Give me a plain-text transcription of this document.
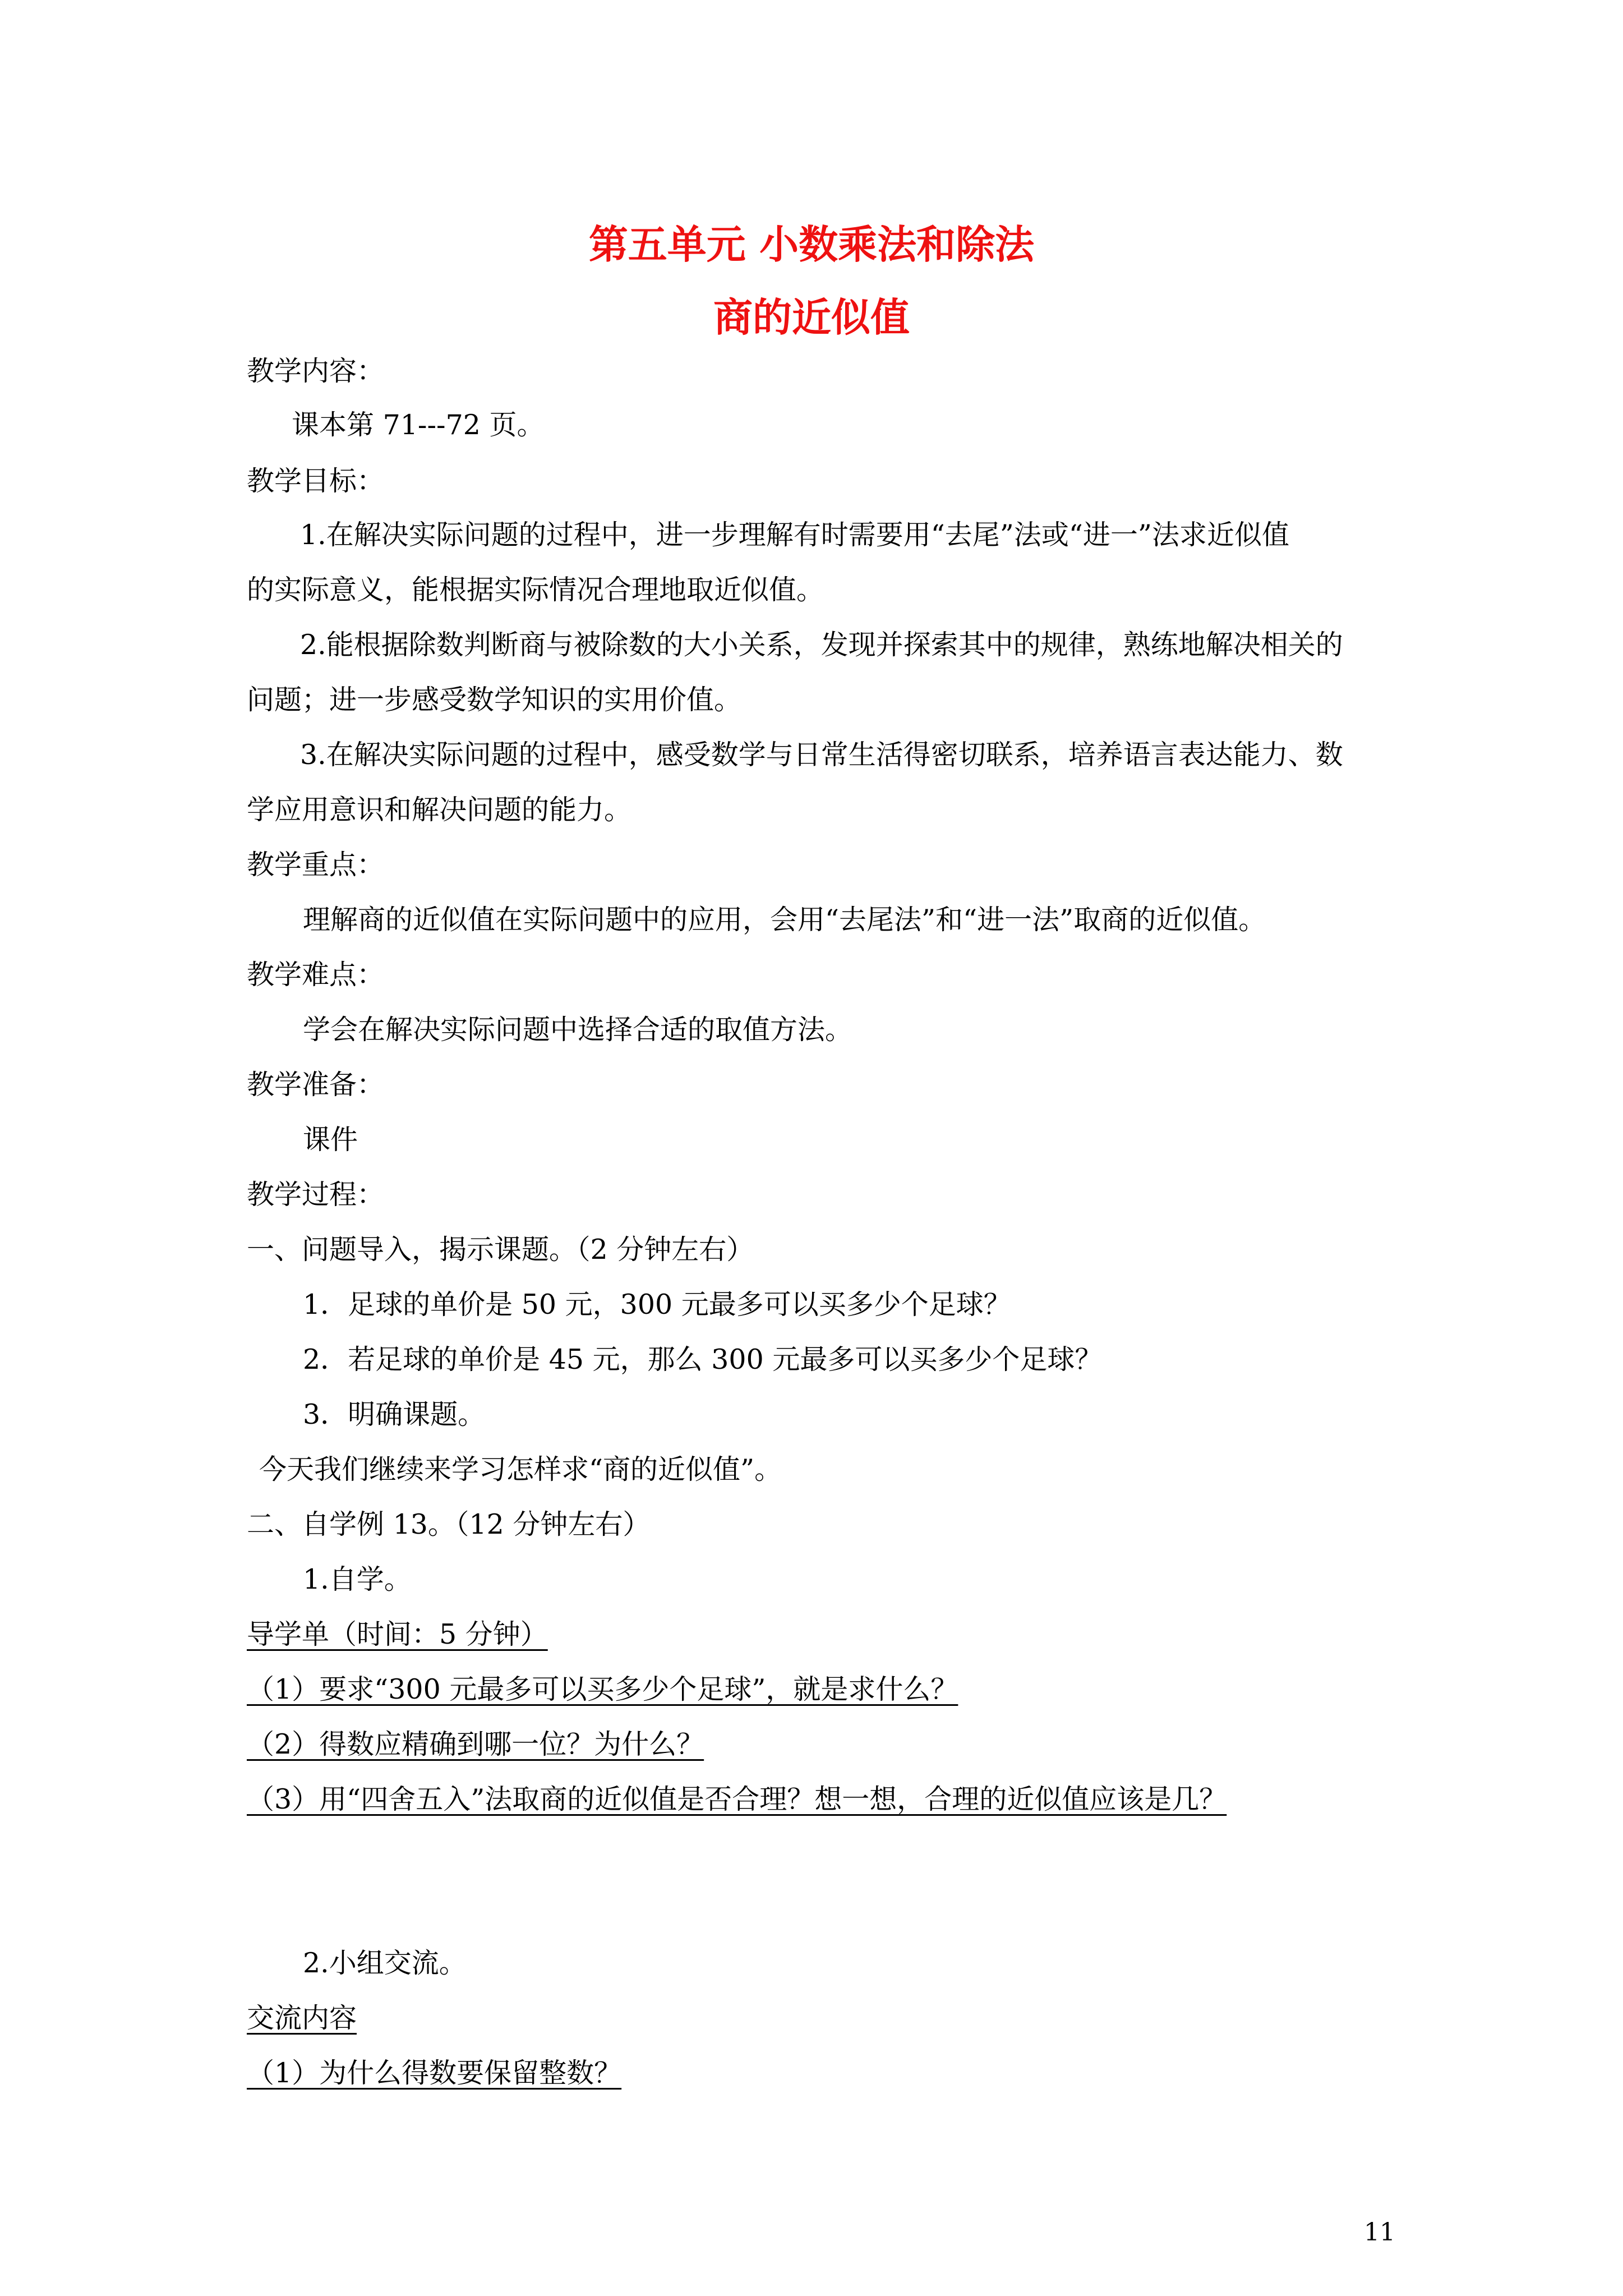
第五单元 小数乘法和除法
商的近似值
教学内容：
课本第 71---72 页。
教学目标：
1.在解决实际问题的过程中，进一步理解有时需要用“去尾”法或“进一”法求近似值
的实际意义，能根据实际情况合理地取近似值。
2.能根据除数判断商与被除数的大小关系，发现并探索其中的规律，熟练地解决相关的
问题；进一步感受数学知识的实用价值。
3.在解决实际问题的过程中，感受数学与日常生活得密切联系，培养语言表达能力、数
学应用意识和解决问题的能力。
教学重点：
理解商的近似值在实际问题中的应用，会用“去尾法”和“进一法”取商的近似值。
教学难点：
学会在解决实际问题中选择合适的取值方法。
教学准备：
课件
教学过程：
一、问题导入，揭示课题。（2 分钟左右）
1．足球的单价是 50 元，300 元最多可以买多少个足球？
2．若足球的单价是 45 元，那么 300 元最多可以买多少个足球？
3．明确课题。
今天我们继续来学习怎样求“商的近似值”。
二、自学例 13。（12 分钟左右）
1.自学。
导学单（时间：5 分钟）
（1）要求“300 元最多可以买多少个足球”，就是求什么？
（2）得数应精确到哪一位？为什么？
（3）用“四舍五入”法取商的近似值是否合理？想一想，合理的近似值应该是几？
2.小组交流。
交流内容
（1）为什么得数要保留整数？
11
